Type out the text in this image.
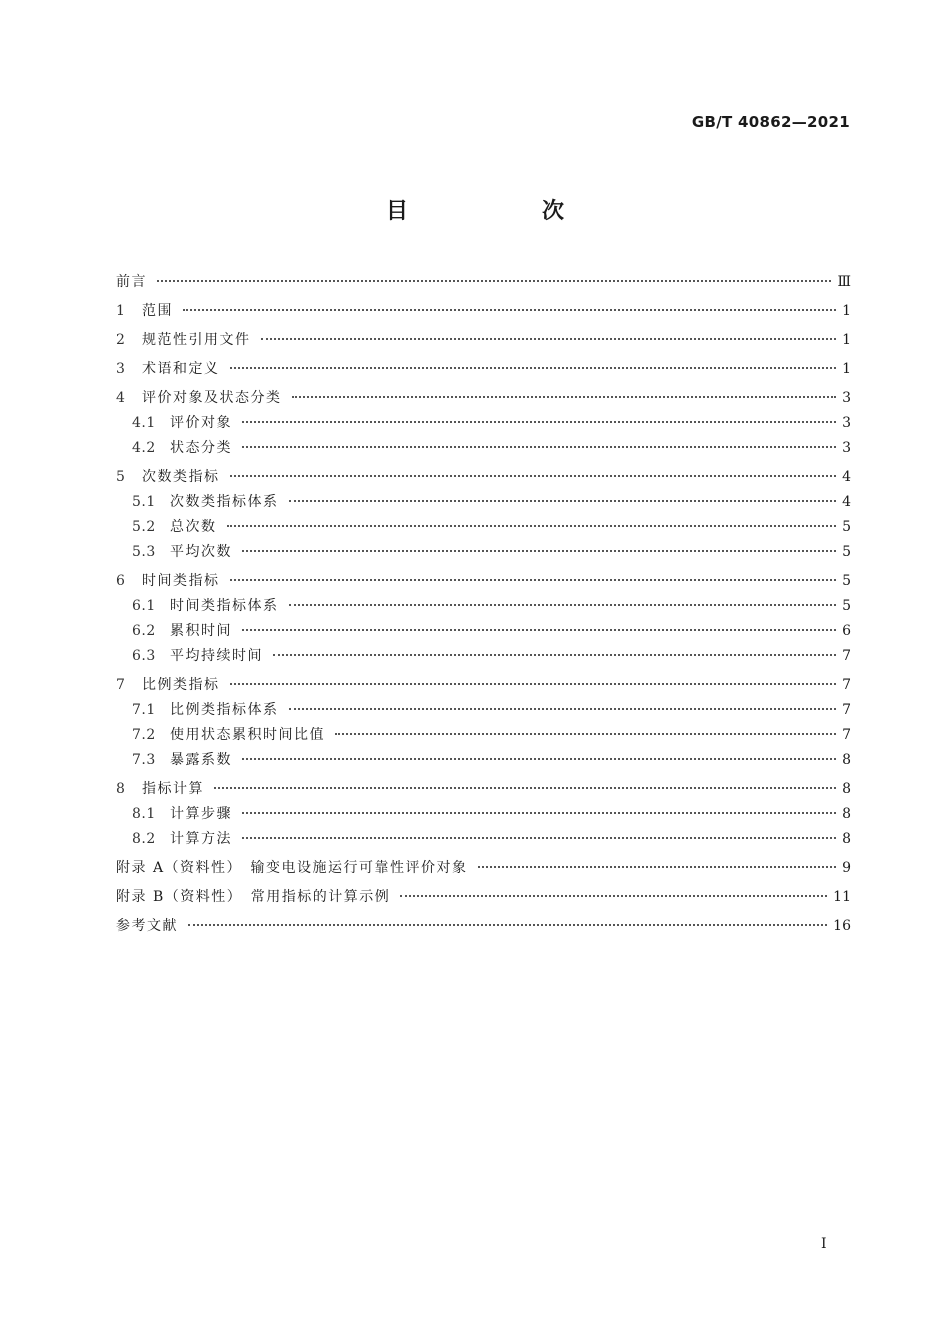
GB/T 40862—2021
目　次
前言	Ⅲ
1	范围	1
2	规范性引用文件	1
3	术语和定义	1
4	评价对象及状态分类	3
4.1	评价对象	3
4.2	状态分类	3
5	次数类指标	4
5.1	次数类指标体系	4
5.2	总次数	5
5.3	平均次数	5
6	时间类指标	5
6.1	时间类指标体系	5
6.2	累积时间	6
6.3	平均持续时间	7
7	比例类指标	7
7.1	比例类指标体系	7
7.2	使用状态累积时间比值	7
7.3	暴露系数	8
8	指标计算	8
8.1	计算步骤	8
8.2	计算方法	8
附录 A（资料性）　输变电设施运行可靠性评价对象	9
附录 B（资料性）　常用指标的计算示例	11
参考文献	16
I
